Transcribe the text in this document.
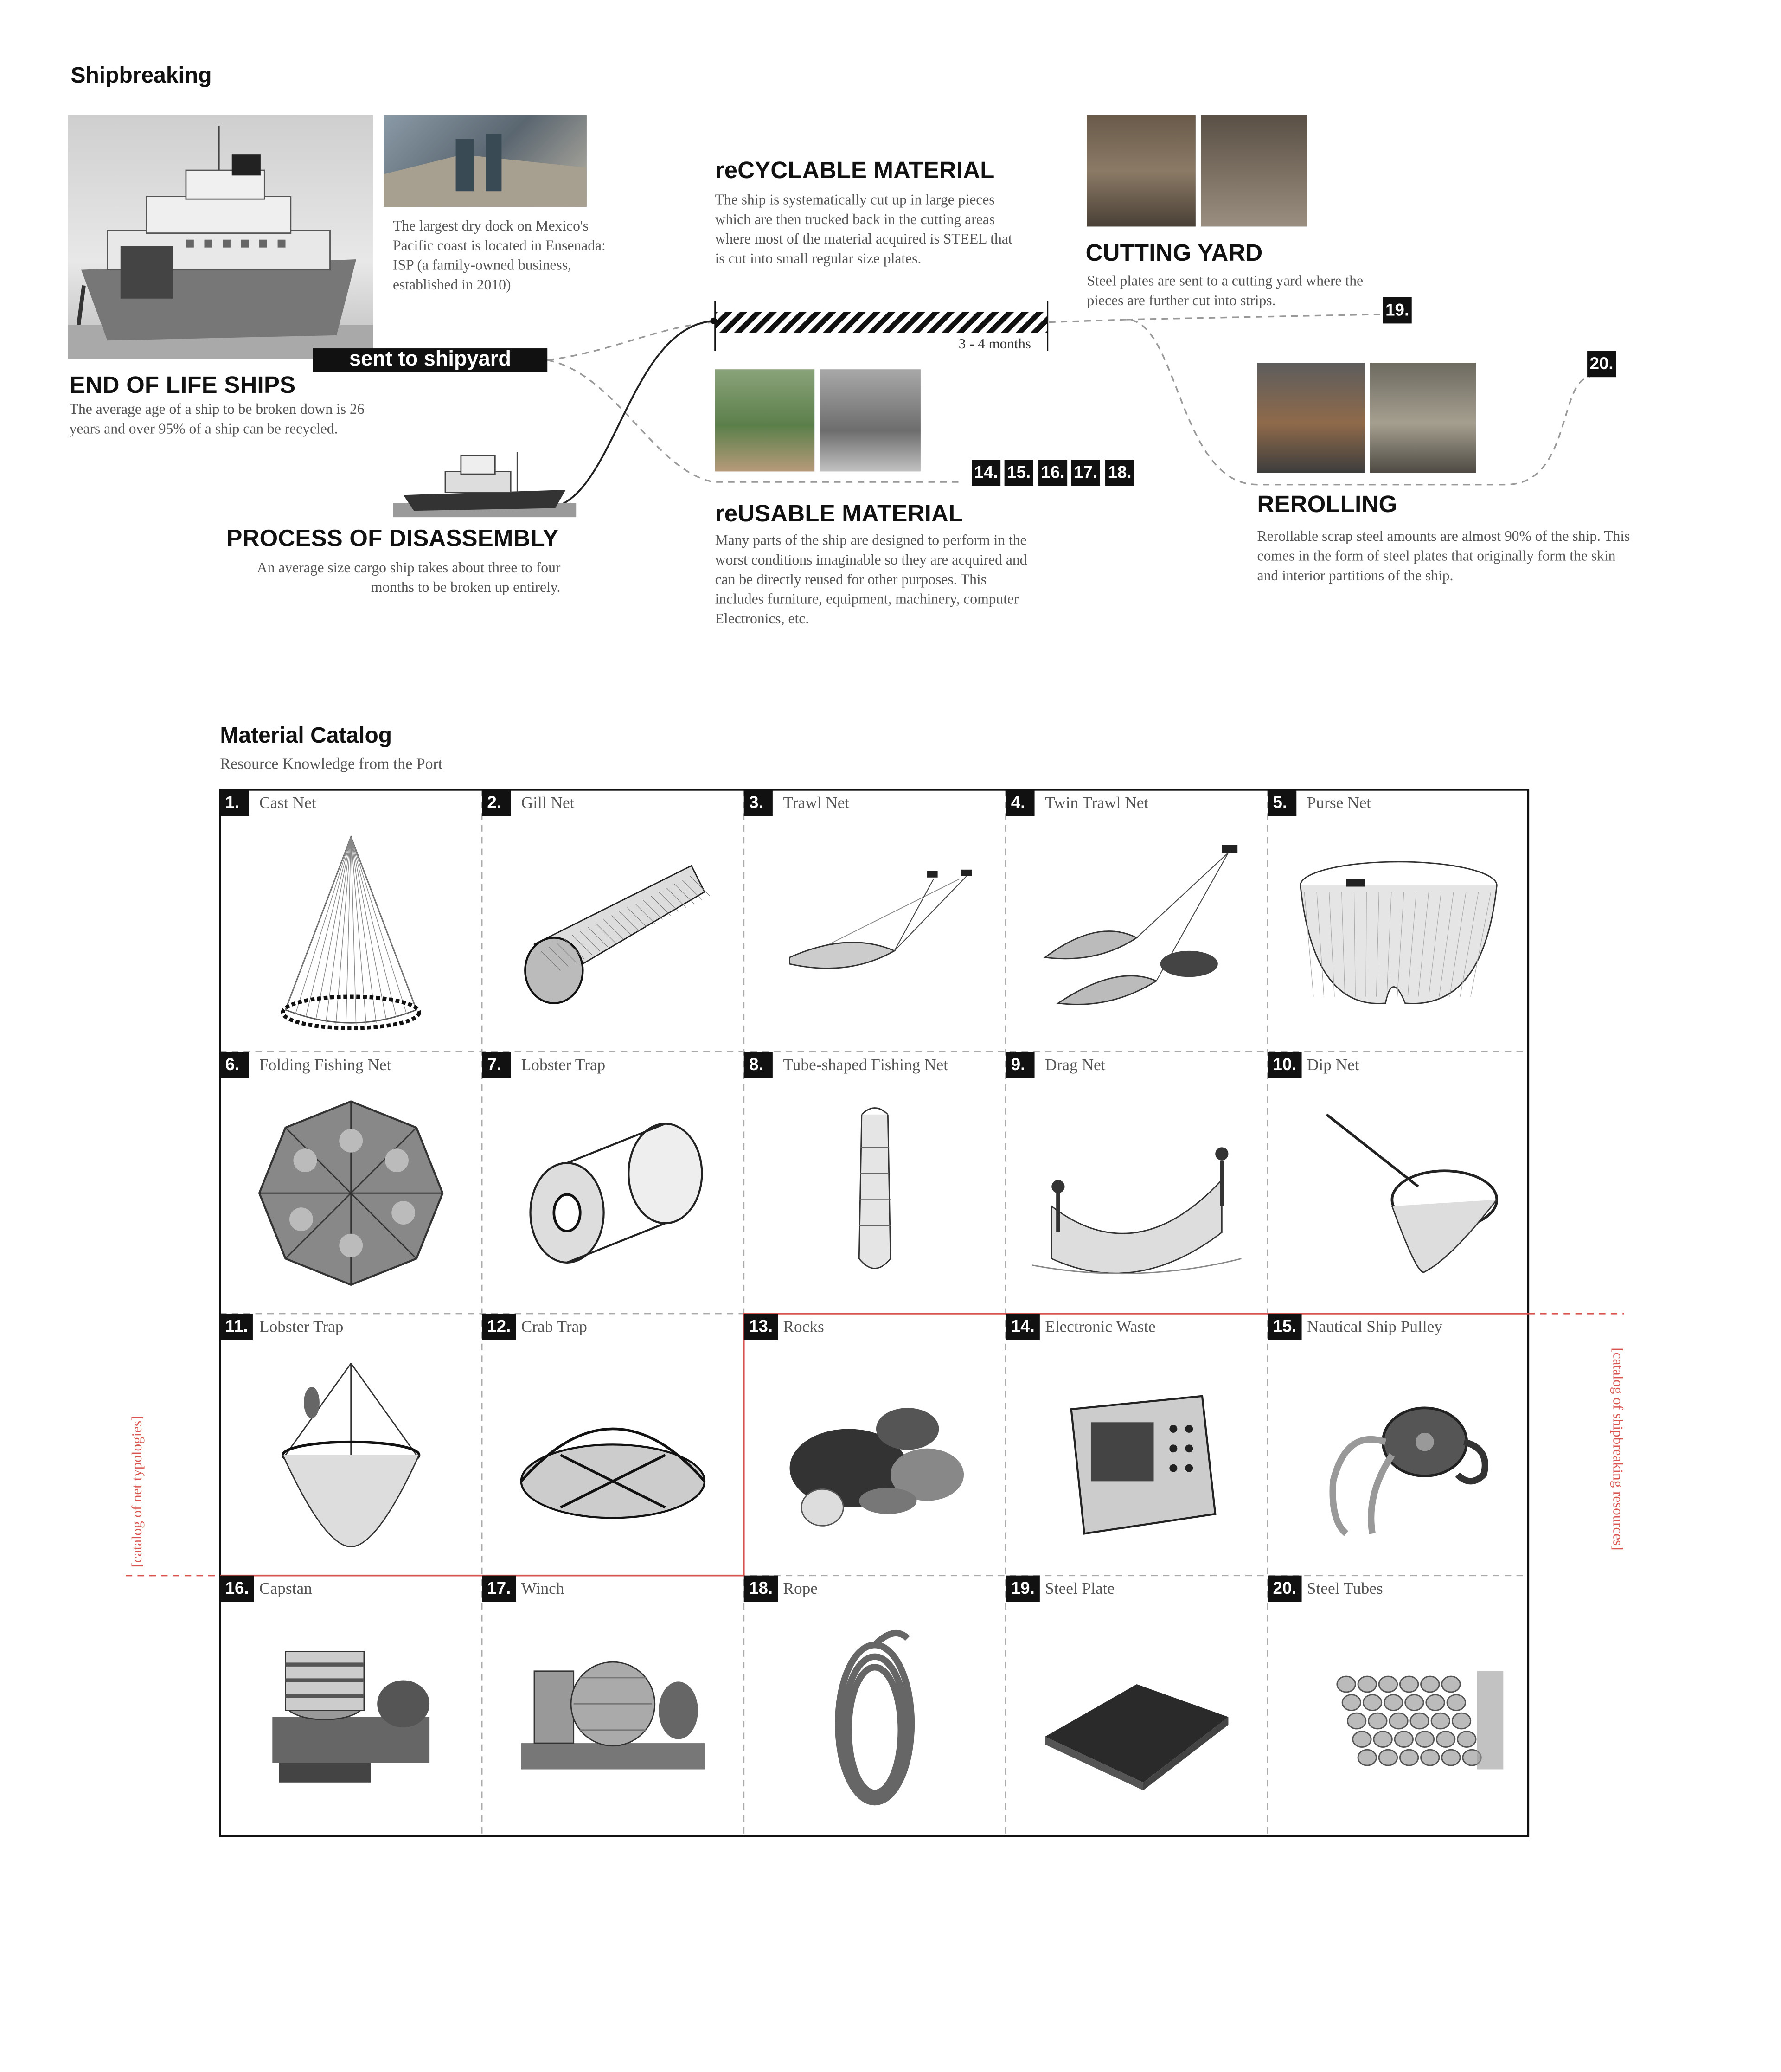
Shipbreaking
The largest dry dock on Mexico's Pacific coast is located in Ensenada: ISP (a family-owned business, established in 2010)
sent to shipyard
END OF LIFE SHIPS
The average age of a ship to be broken down is 26 years and over 95% of a ship can be recycled.
PROCESS OF DISASSEMBLY
An average size cargo ship takes about three to four months to be broken up entirely.
reCYCLABLE MATERIAL
The ship is systematically cut up in large pieces which are then trucked back in the cutting areas where most of the material acquired is STEEL that is cut into small regular size plates.
3 - 4 months
14.	15.	16.	17.	18.
reUSABLE MATERIAL
Many parts of the ship are designed to perform in the worst conditions imaginable so they are acquired and can be directly reused for other purposes. This includes furniture, equipment, machinery, computer Electronics, etc.
CUTTING YARD
Steel plates are sent to a cutting yard where the pieces are further cut into strips.	19.
20.
REROLLING
Rerollable scrap steel amounts are almost 90% of the ship. This comes in the form of steel plates that originally form the skin and interior partitions of the ship.
Material Catalog
Resource Knowledge from the Port
[catalog of net typologies]	[catalog of shipbreaking resources]
1.	Cast Net	2.	Gill Net	3.	Trawl Net	4.	Twin Trawl Net	5.	Purse Net
6.	Folding Fishing Net	7.	Lobster Trap	8.	Tube-shaped Fishing Net	9.	Drag Net	10.	Dip Net
11.	Lobster Trap	12.	Crab Trap	13.	Rocks	14.	Electronic Waste	15.	Nautical Ship Pulley
16.	Capstan	17.	Winch	18.	Rope	19.	Steel Plate	20.	Steel Tubes
